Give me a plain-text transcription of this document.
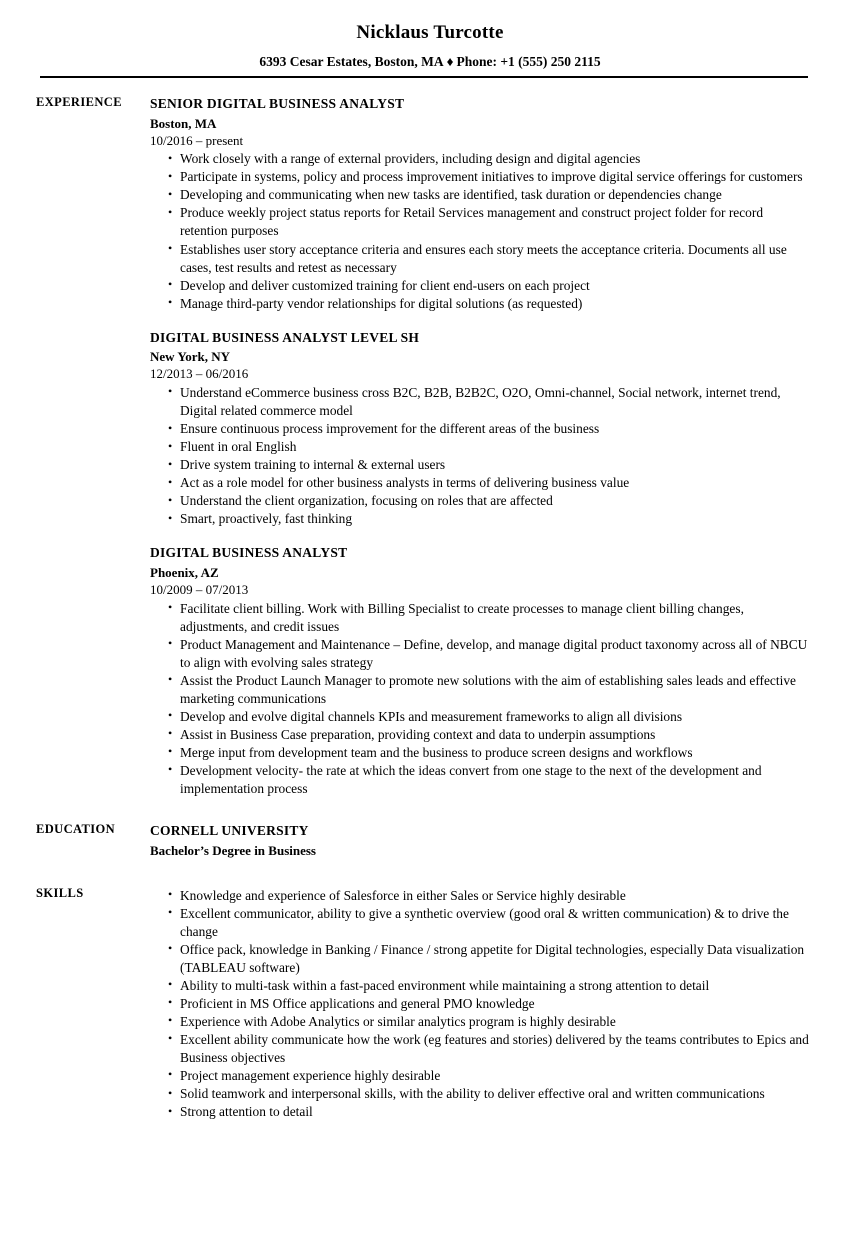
Nicklaus Turcotte
6393 Cesar Estates, Boston, MA ♦ Phone: +1 (555) 250 2115
EXPERIENCE	SENIOR DIGITAL BUSINESS ANALYST
Boston, MA
10/2016 – present
• Work closely with a range of external providers, including design and digital agencies
• Participate in systems, policy and process improvement initiatives to improve digital service offerings for customers
• Developing and communicating when new tasks are identified, task duration or dependencies change
• Produce weekly project status reports for Retail Services management and construct project folder for record retention purposes
• Establishes user story acceptance criteria and ensures each story meets the acceptance criteria. Documents all use cases, test results and retest as necessary
• Develop and deliver customized training for client end-users on each project
• Manage third-party vendor relationships for digital solutions (as requested)
DIGITAL BUSINESS ANALYST LEVEL SH
New York, NY
12/2013 – 06/2016
• Understand eCommerce business cross B2C, B2B, B2B2C, O2O, Omni-channel, Social network, internet trend, Digital related commerce model
• Ensure continuous process improvement for the different areas of the business
• Fluent in oral English
• Drive system training to internal & external users
• Act as a role model for other business analysts in terms of delivering business value
• Understand the client organization, focusing on roles that are affected
• Smart, proactively, fast thinking
DIGITAL BUSINESS ANALYST
Phoenix, AZ
10/2009 – 07/2013
• Facilitate client billing. Work with Billing Specialist to create processes to manage client billing changes, adjustments, and credit issues
• Product Management and Maintenance – Define, develop, and manage digital product taxonomy across all of NBCU to align with evolving sales strategy
• Assist the Product Launch Manager to promote new solutions with the aim of establishing sales leads and effective marketing communications
• Develop and evolve digital channels KPIs and measurement frameworks to align all divisions
• Assist in Business Case preparation, providing context and data to underpin assumptions
• Merge input from development team and the business to produce screen designs and workflows
• Development velocity- the rate at which the ideas convert from one stage to the next of the development and implementation process
EDUCATION	CORNELL UNIVERSITY
Bachelor’s Degree in Business
SKILLS	• Knowledge and experience of Salesforce in either Sales or Service highly desirable
• Excellent communicator, ability to give a synthetic overview (good oral & written communication) & to drive the change
• Office pack, knowledge in Banking / Finance / strong appetite for Digital technologies, especially Data visualization (TABLEAU software)
• Ability to multi-task within a fast-paced environment while maintaining a strong attention to detail
• Proficient in MS Office applications and general PMO knowledge
• Experience with Adobe Analytics or similar analytics program is highly desirable
• Excellent ability communicate how the work (eg features and stories) delivered by the teams contributes to Epics and Business objectives
• Project management experience highly desirable
• Solid teamwork and interpersonal skills, with the ability to deliver effective oral and written communications
• Strong attention to detail
